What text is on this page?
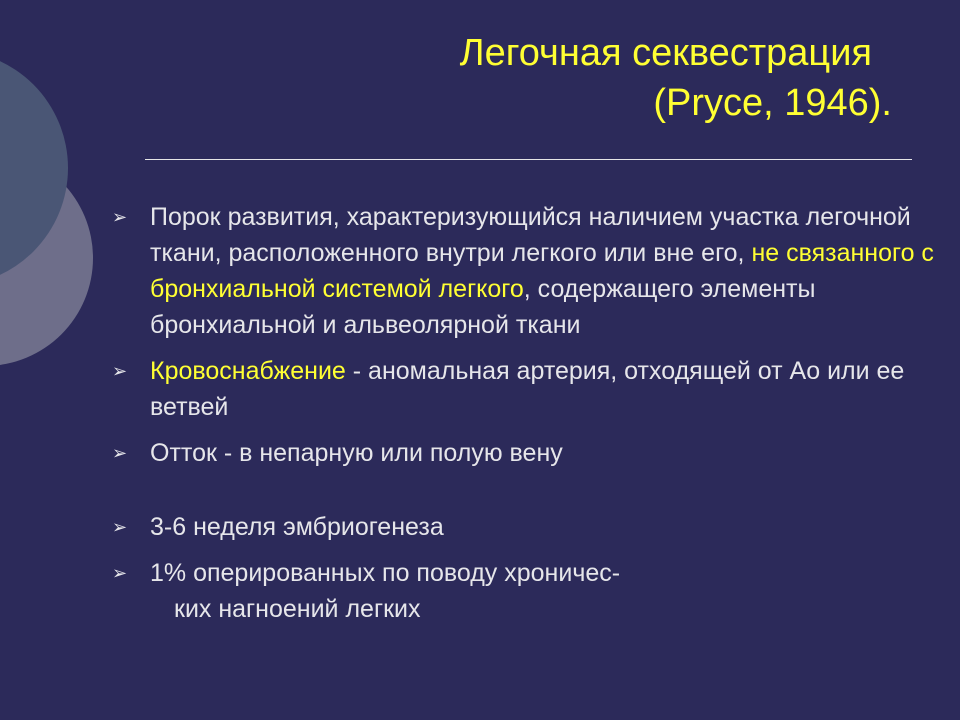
Легочная секвестрация
(Pryce, 1946).
➢ Порок развития, характеризующийся наличием участка легочной ткани, расположенного внутри легкого или вне его, не связанного с бронхиальной системой легкого, содержащего элементы бронхиальной и альвеолярной ткани
➢ Кровоснабжение - аномальная артерия, отходящей от Ао или ее ветвей
➢ Отток - в непарную или полую вену
➢ 3-6 неделя эмбриогенеза
➢ 1% оперированных по поводу хроничес-
ких нагноений легких
